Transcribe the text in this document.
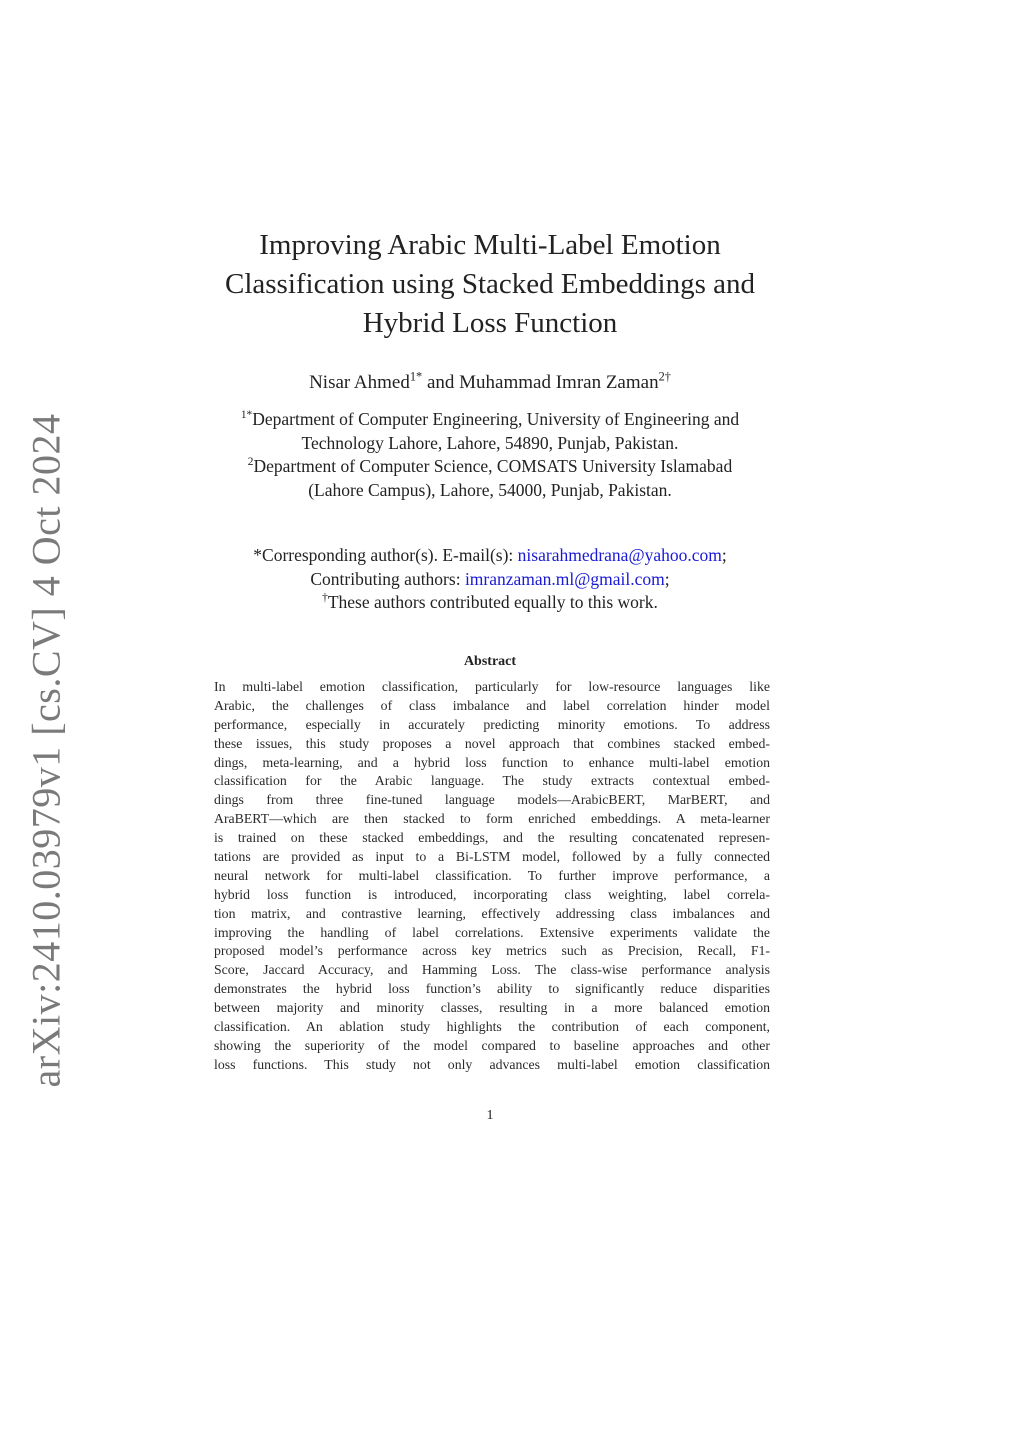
arXiv:2410.03979v1 [cs.CV] 4 Oct 2024
Improving Arabic Multi-Label Emotion
Classification using Stacked Embeddings and
Hybrid Loss Function
Nisar Ahmed$^{1*}$ and Muhammad Imran Zaman$^{2\dagger}$
$^{1*}$Department of Computer Engineering, University of Engineering and
Technology Lahore, Lahore, 54890, Punjab, Pakistan.
$^2$Department of Computer Science, COMSATS University Islamabad
(Lahore Campus), Lahore, 54000, Punjab, Pakistan.
*Corresponding author(s). E-mail(s): nisarahmedrana@yahoo.com;
Contributing authors: imranzaman.ml@gmail.com;
†These authors contributed equally to this work.
Abstract
In multi-label emotion classification, particularly for low-resource languages like
Arabic, the challenges of class imbalance and label correlation hinder model
performance, especially in accurately predicting minority emotions. To address
these issues, this study proposes a novel approach that combines stacked embed-
dings, meta-learning, and a hybrid loss function to enhance multi-label emotion
classification for the Arabic language. The study extracts contextual embed-
dings from three fine-tuned language models—ArabicBERT, MarBERT, and
AraBERT—which are then stacked to form enriched embeddings. A meta-learner
is trained on these stacked embeddings, and the resulting concatenated represen-
tations are provided as input to a Bi-LSTM model, followed by a fully connected
neural network for multi-label classification. To further improve performance, a
hybrid loss function is introduced, incorporating class weighting, label correla-
tion matrix, and contrastive learning, effectively addressing class imbalances and
improving the handling of label correlations. Extensive experiments validate the
proposed model’s performance across key metrics such as Precision, Recall, F1-
Score, Jaccard Accuracy, and Hamming Loss. The class-wise performance analysis
demonstrates the hybrid loss function’s ability to significantly reduce disparities
between majority and minority classes, resulting in a more balanced emotion
classification. An ablation study highlights the contribution of each component,
showing the superiority of the model compared to baseline approaches and other
loss functions. This study not only advances multi-label emotion classification
1
